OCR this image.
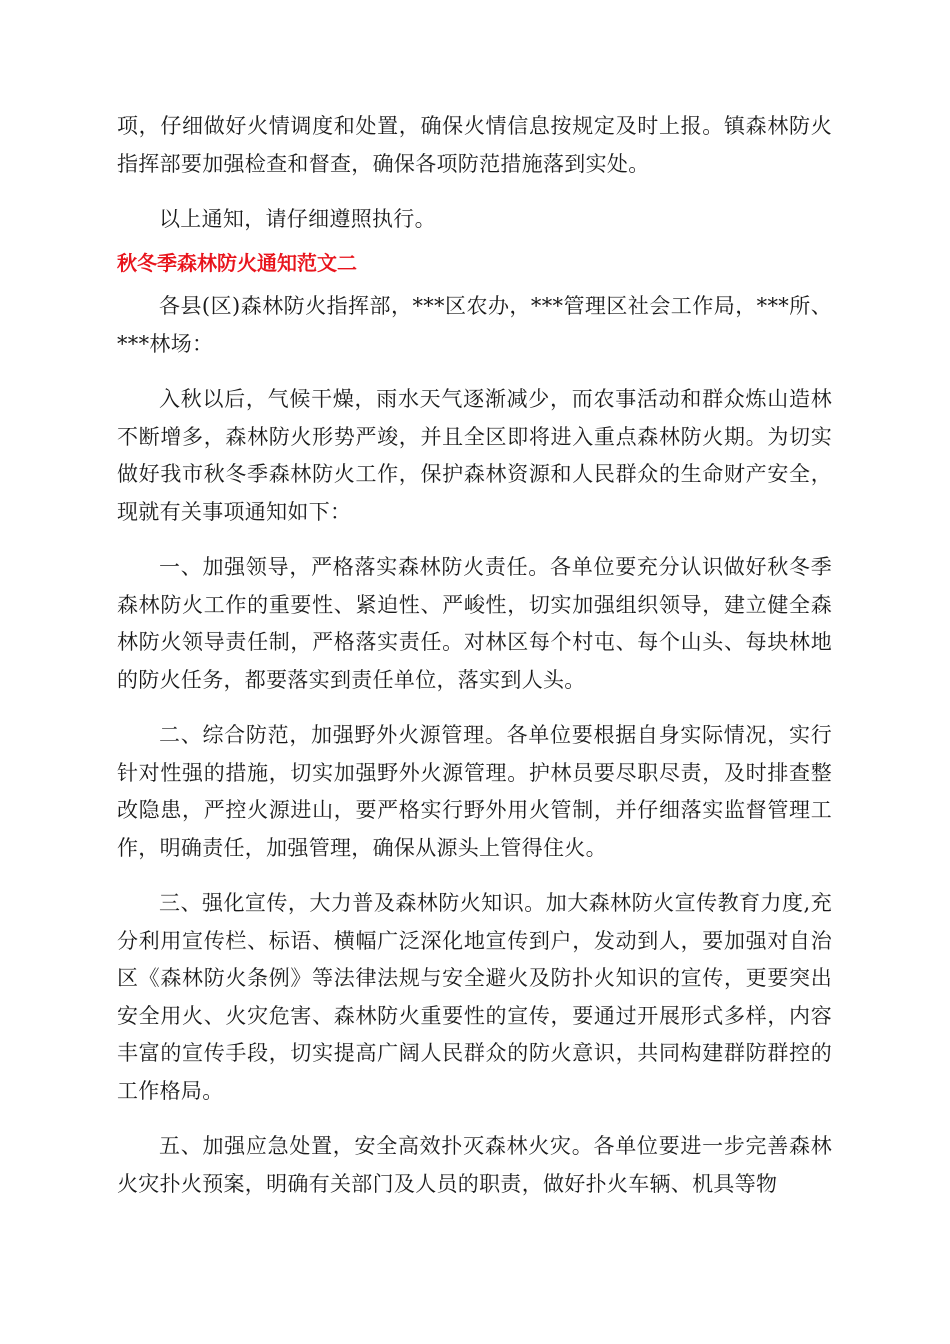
项，仔细做好火情调度和处置，确保火情信息按规定及时上报。镇森林防火指挥部要加强检查和督查，确保各项防范措施落到实处。

以上通知，请仔细遵照执行。

秋冬季森林防火通知范文二

各县(区)森林防火指挥部，***区农办，***管理区社会工作局，***所、***林场：

入秋以后，气候干燥，雨水天气逐渐减少，而农事活动和群众炼山造林不断增多，森林防火形势严竣，并且全区即将进入重点森林防火期。为切实做好我市秋冬季森林防火工作，保护森林资源和人民群众的生命财产安全，现就有关事项通知如下：

一、加强领导，严格落实森林防火责任。各单位要充分认识做好秋冬季森林防火工作的重要性、紧迫性、严峻性，切实加强组织领导，建立健全森林防火领导责任制，严格落实责任。对林区每个村屯、每个山头、每块林地的防火任务，都要落实到责任单位，落实到人头。

二、综合防范，加强野外火源管理。各单位要根据自身实际情况，实行针对性强的措施，切实加强野外火源管理。护林员要尽职尽责，及时排查整改隐患，严控火源进山，要严格实行野外用火管制，并仔细落实监督管理工作，明确责任，加强管理，确保从源头上管得住火。

三、强化宣传，大力普及森林防火知识。加大森林防火宣传教育力度,充分利用宣传栏、标语、横幅广泛深化地宣传到户，发动到人，要加强对自治区《森林防火条例》等法律法规与安全避火及防扑火知识的宣传，更要突出安全用火、火灾危害、森林防火重要性的宣传，要通过开展形式多样，内容丰富的宣传手段，切实提高广阔人民群众的防火意识，共同构建群防群控的工作格局。

五、加强应急处置，安全高效扑灭森林火灾。各单位要进一步完善森林火灾扑火预案，明确有关部门及人员的职责，做好扑火车辆、机具等物
